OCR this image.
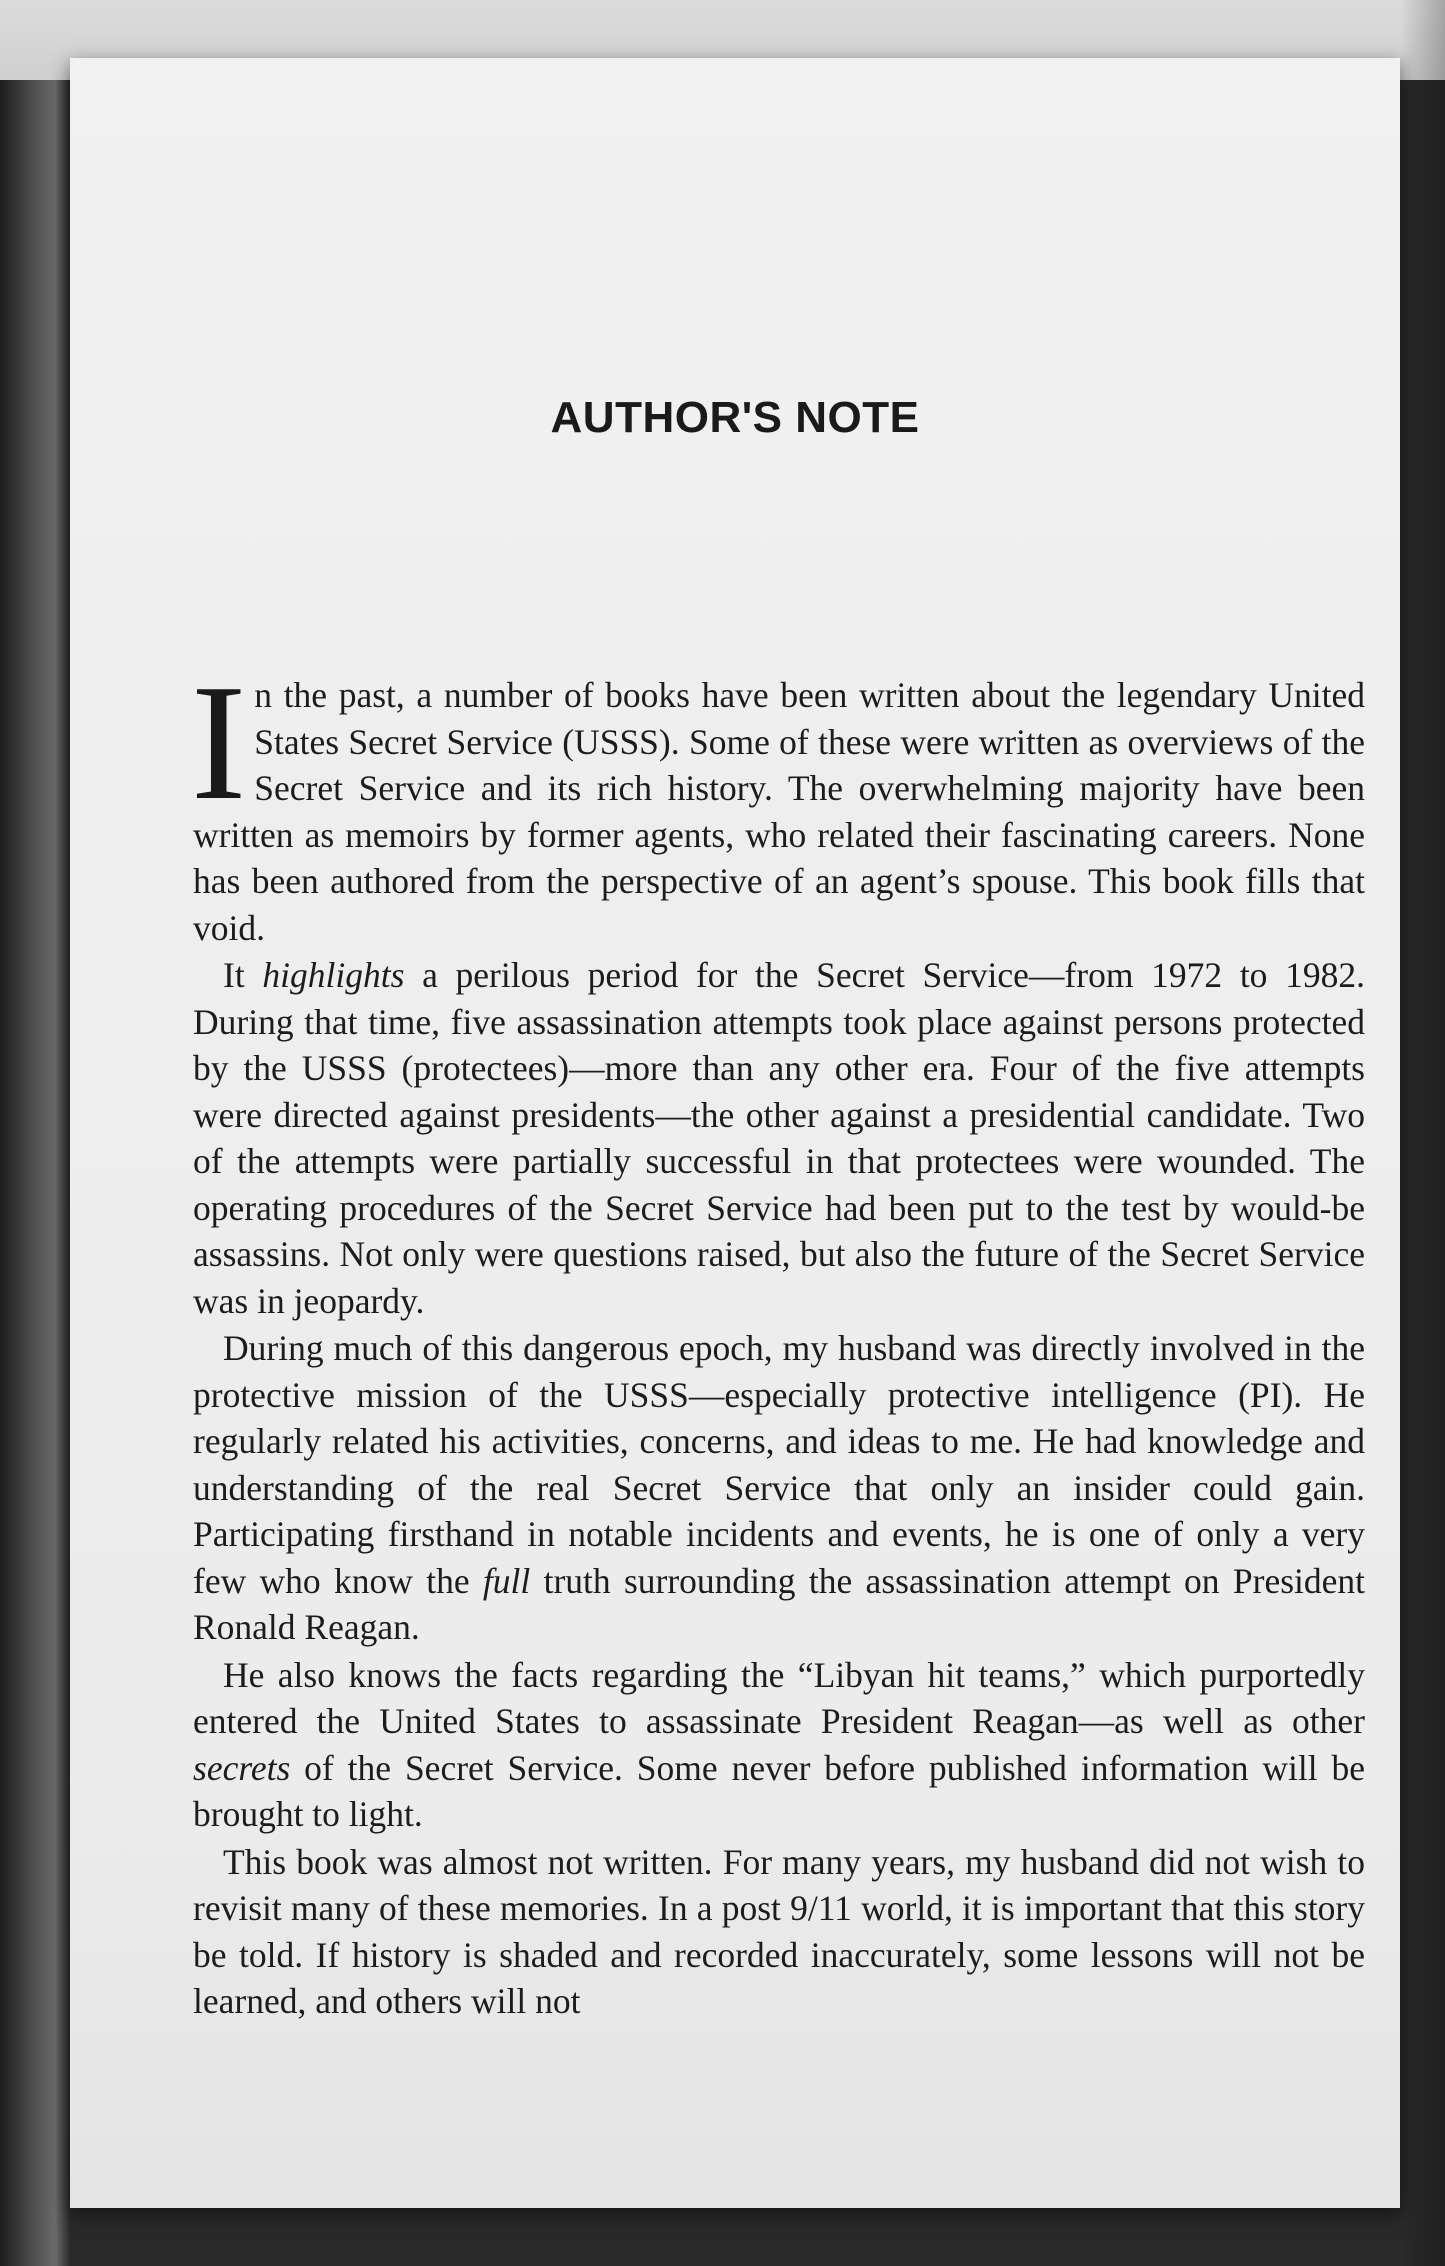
AUTHOR'S NOTE

In the past, a number of books have been written about the legendary United States Secret Service (USSS). Some of these were written as overviews of the Secret Service and its rich history. The overwhelming majority have been written as memoirs by former agents, who related their fascinating careers. None has been authored from the perspective of an agent’s spouse. This book fills that void.

It highlights a perilous period for the Secret Service—from 1972 to 1982. During that time, five assassination attempts took place against persons protected by the USSS (protectees)—more than any other era. Four of the five attempts were directed against presidents—the other against a presidential candidate. Two of the attempts were partially successful in that protectees were wounded. The operating procedures of the Secret Service had been put to the test by would-be assassins. Not only were questions raised, but also the future of the Secret Service was in jeopardy.

During much of this dangerous epoch, my husband was directly involved in the protective mission of the USSS—especially protective intelligence (PI). He regularly related his activities, concerns, and ideas to me. He had knowledge and understanding of the real Secret Service that only an insider could gain. Participating firsthand in notable incidents and events, he is one of only a very few who know the full truth surrounding the assassination attempt on President Ronald Reagan.

He also knows the facts regarding the “Libyan hit teams,” which purportedly entered the United States to assassinate President Reagan—as well as other secrets of the Secret Service. Some never before published information will be brought to light.

This book was almost not written. For many years, my husband did not wish to revisit many of these memories. In a post 9/11 world, it is important that this story be told. If history is shaded and recorded inaccurately, some lessons will not be learned, and others will not
